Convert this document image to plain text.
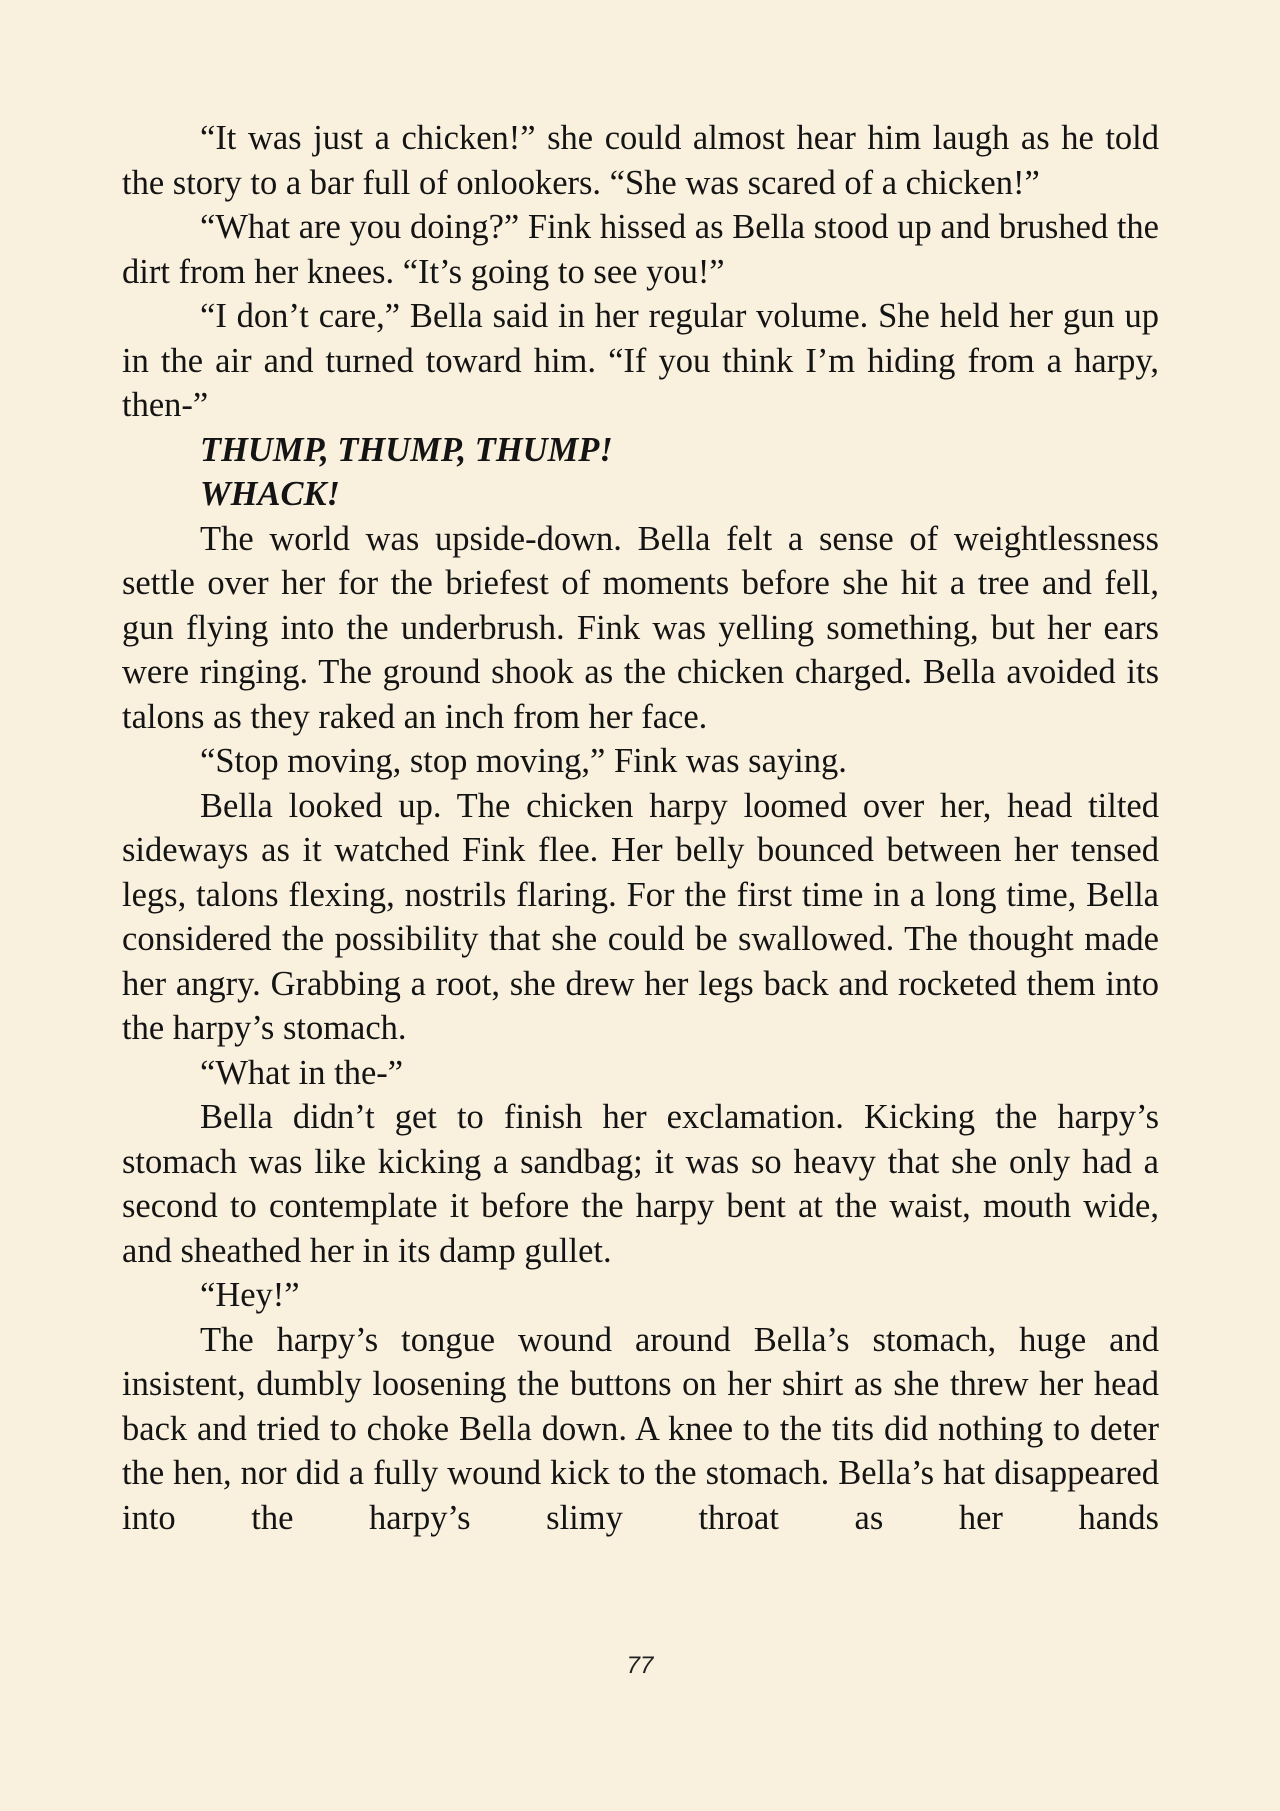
“It was just a chicken!” she could almost hear him laugh as he told the story to a bar full of onlookers. “She was scared of a chicken!”

“What are you doing?” Fink hissed as Bella stood up and brushed the dirt from her knees. “It’s going to see you!”

“I don’t care,” Bella said in her regular volume. She held her gun up in the air and turned toward him. “If you think I’m hiding from a harpy, then-”

THUMP, THUMP, THUMP!

WHACK!

The world was upside-down. Bella felt a sense of weightlessness settle over her for the briefest of moments before she hit a tree and fell, gun flying into the underbrush. Fink was yelling something, but her ears were ringing. The ground shook as the chicken charged. Bella avoided its talons as they raked an inch from her face.

“Stop moving, stop moving,” Fink was saying.

Bella looked up. The chicken harpy loomed over her, head tilted sideways as it watched Fink flee. Her belly bounced between her tensed legs, talons flexing, nostrils flaring. For the first time in a long time, Bella considered the possibility that she could be swallowed. The thought made her angry. Grabbing a root, she drew her legs back and rocketed them into the harpy’s stomach.

“What in the-”

Bella didn’t get to finish her exclamation. Kicking the harpy’s stomach was like kicking a sandbag; it was so heavy that she only had a second to contemplate it before the harpy bent at the waist, mouth wide, and sheathed her in its damp gullet.

“Hey!”

The harpy’s tongue wound around Bella’s stomach, huge and insistent, dumbly loosening the buttons on her shirt as she threw her head back and tried to choke Bella down. A knee to the tits did nothing to deter the hen, nor did a fully wound kick to the stomach. Bella’s hat disappeared into the harpy’s slimy throat as her hands

77
